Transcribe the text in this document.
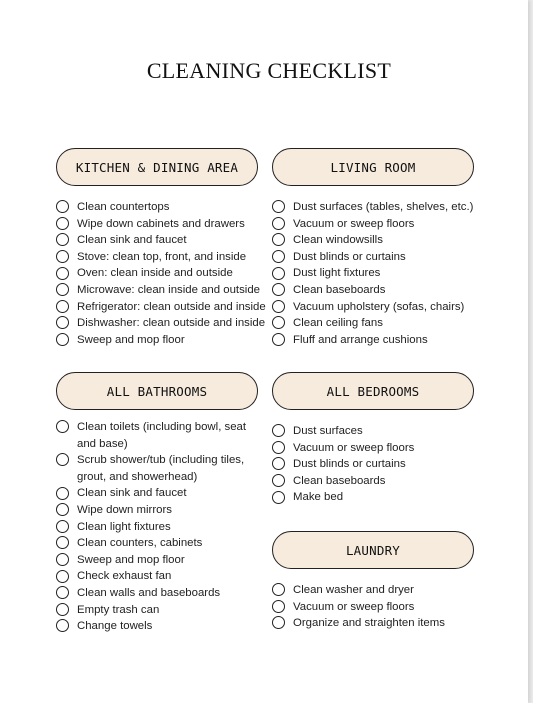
CLEANING CHECKLIST
KITCHEN & DINING AREA
Clean countertops
Wipe down cabinets and drawers
Clean sink and faucet
Stove: clean top, front, and inside
Oven: clean inside and outside
Microwave: clean inside and outside
Refrigerator: clean outside and inside
Dishwasher: clean outside and inside
Sweep and mop floor
LIVING ROOM
Dust surfaces (tables, shelves, etc.)
Vacuum or sweep floors
Clean windowsills
Dust blinds or curtains
Dust light fixtures
Clean baseboards
Vacuum upholstery (sofas, chairs)
Clean ceiling fans
Fluff and arrange cushions
ALL BATHROOMS
Clean toilets (including bowl, seat and base)
Scrub shower/tub (including tiles, grout, and showerhead)
Clean sink and faucet
Wipe down mirrors
Clean light fixtures
Clean counters, cabinets
Sweep and mop floor
Check exhaust fan
Clean walls and baseboards
Empty trash can
Change towels
ALL BEDROOMS
Dust surfaces
Vacuum or sweep floors
Dust blinds or curtains
Clean baseboards
Make bed
LAUNDRY
Clean washer and dryer
Vacuum or sweep floors
Organize and straighten items
